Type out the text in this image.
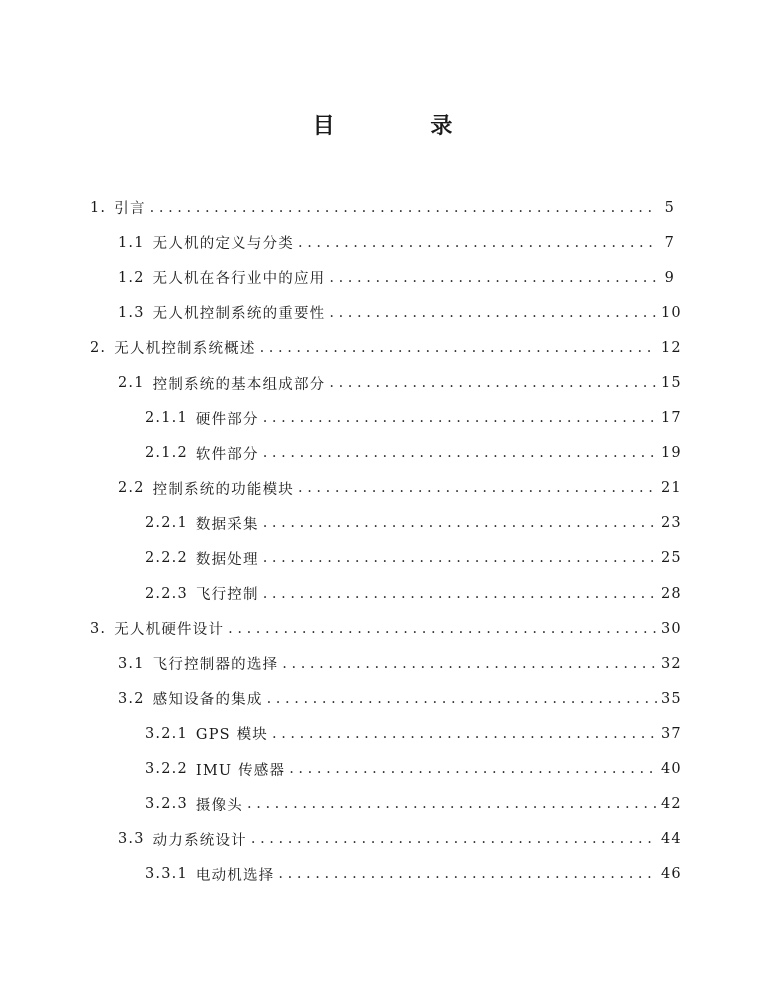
目 录
1. 引言 . . .	5
1.1 无人机的定义与分类 . . .	7
1.2 无人机在各行业中的应用 . . .	9
1.3 无人机控制系统的重要性 . . .	10
2. 无人机控制系统概述 . . .	12
2.1 控制系统的基本组成部分 . . .	15
2.1.1 硬件部分 . . .	17
2.1.2 软件部分 . . .	19
2.2 控制系统的功能模块 . . .	21
2.2.1 数据采集 . . .	23
2.2.2 数据处理 . . .	25
2.2.3 飞行控制 . . .	28
3. 无人机硬件设计 . . .	30
3.1 飞行控制器的选择 . . .	32
3.2 感知设备的集成 . . .	35
3.2.1 GPS 模块 . . .	37
3.2.2 IMU 传感器 . . .	40
3.2.3 摄像头 . . .	42
3.3 动力系统设计 . . .	44
3.3.1 电动机选择 . . .	46
